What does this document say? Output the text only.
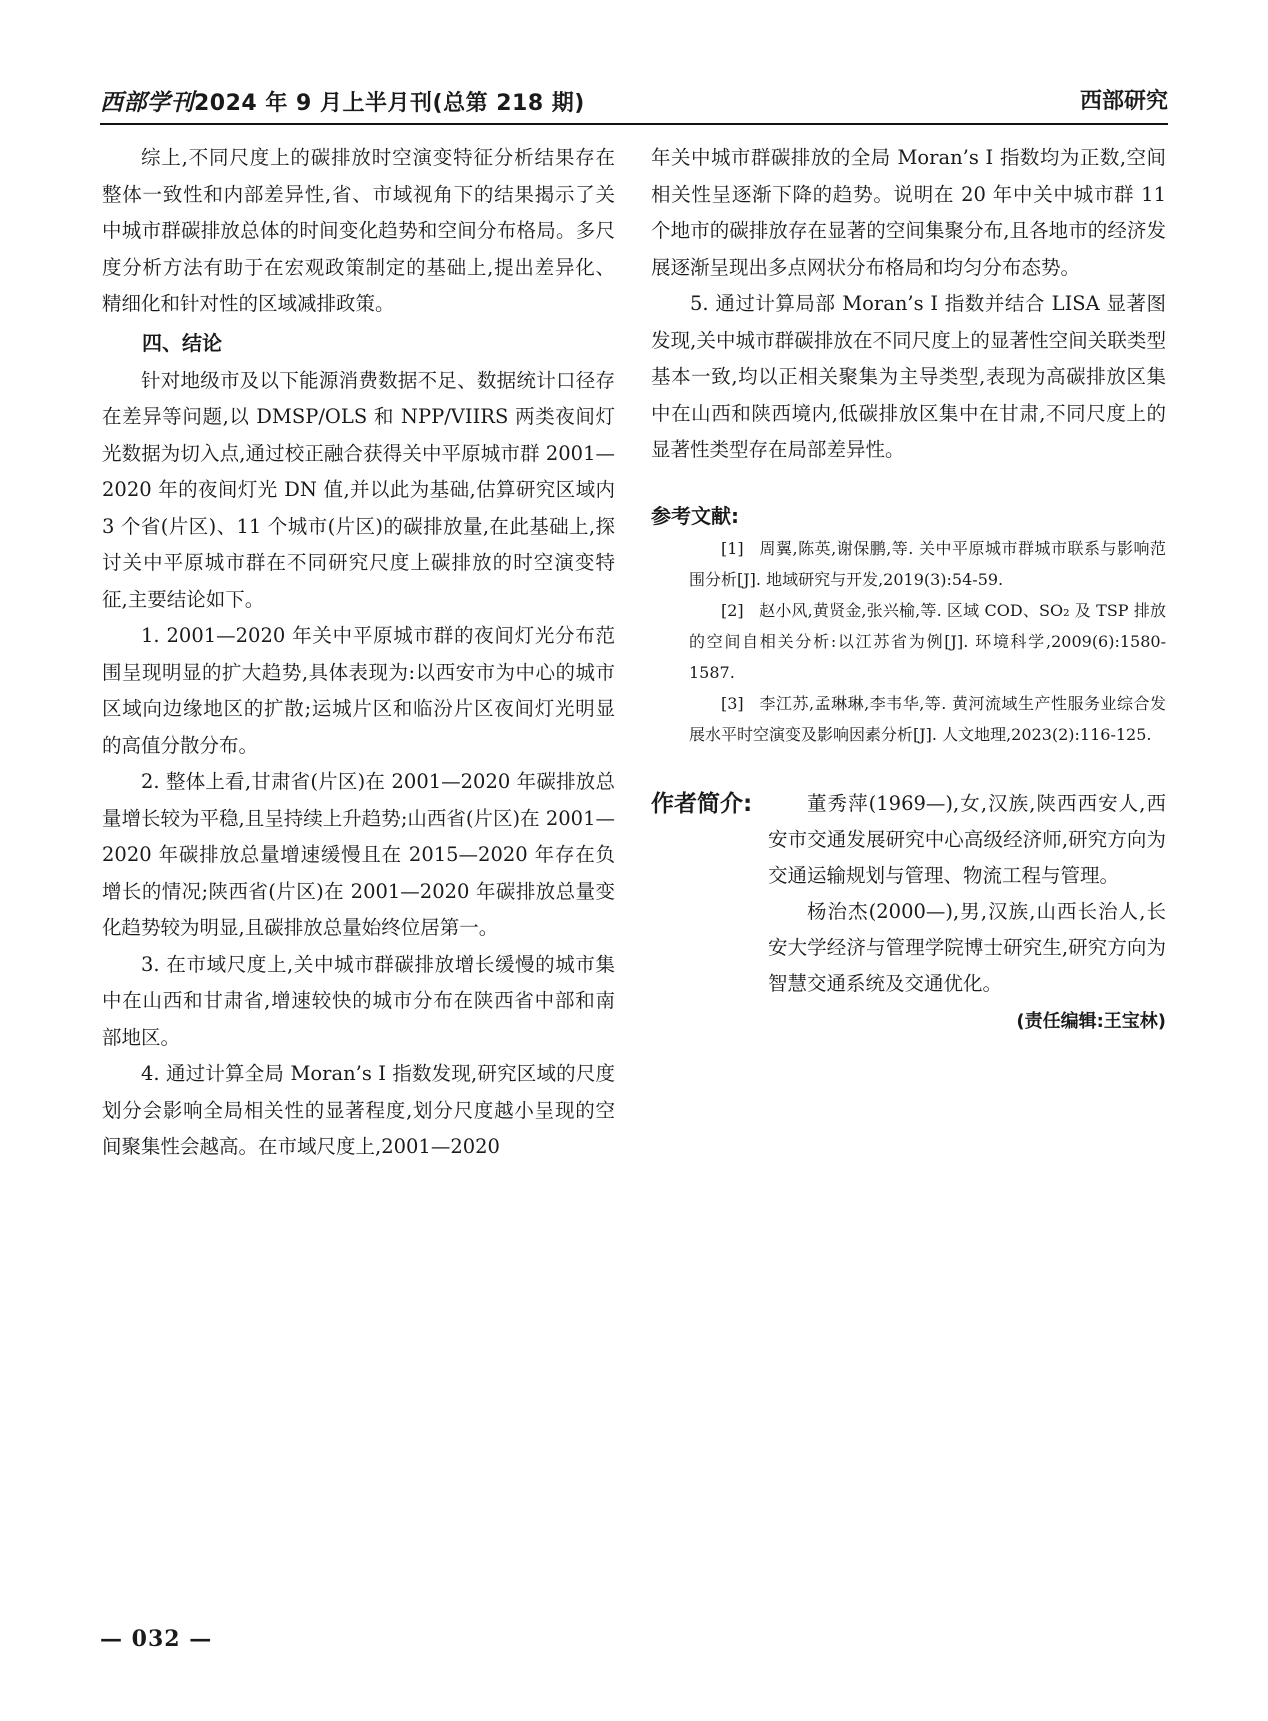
西部学刊2024 年 9 月上半月刊(总第 218 期)	西部研究

综上,不同尺度上的碳排放时空演变特征分析结果存在整体一致性和内部差异性,省、市域视角下的结果揭示了关中城市群碳排放总体的时间变化趋势和空间分布格局。多尺度分析方法有助于在宏观政策制定的基础上,提出差异化、精细化和针对性的区域减排政策。

四、结论

针对地级市及以下能源消费数据不足、数据统计口径存在差异等问题,以 DMSP/OLS 和 NPP/VIIRS 两类夜间灯光数据为切入点,通过校正融合获得关中平原城市群 2001—2020 年的夜间灯光 DN 值,并以此为基础,估算研究区域内 3 个省(片区)、11 个城市(片区)的碳排放量,在此基础上,探讨关中平原城市群在不同研究尺度上碳排放的时空演变特征,主要结论如下。

1. 2001—2020 年关中平原城市群的夜间灯光分布范围呈现明显的扩大趋势,具体表现为:以西安市为中心的城市区域向边缘地区的扩散;运城片区和临汾片区夜间灯光明显的高值分散分布。

2. 整体上看,甘肃省(片区)在 2001—2020 年碳排放总量增长较为平稳,且呈持续上升趋势;山西省(片区)在 2001—2020 年碳排放总量增速缓慢且在 2015—2020 年存在负增长的情况;陕西省(片区)在 2001—2020 年碳排放总量变化趋势较为明显,且碳排放总量始终位居第一。

3. 在市域尺度上,关中城市群碳排放增长缓慢的城市集中在山西和甘肃省,增速较快的城市分布在陕西省中部和南部地区。

4. 通过计算全局 Moran’s I 指数发现,研究区域的尺度划分会影响全局相关性的显著程度,划分尺度越小呈现的空间聚集性会越高。在市域尺度上,2001—2020

年关中城市群碳排放的全局 Moran’s I 指数均为正数,空间相关性呈逐渐下降的趋势。说明在 20 年中关中城市群 11 个地市的碳排放存在显著的空间集聚分布,且各地市的经济发展逐渐呈现出多点网状分布格局和均匀分布态势。

5. 通过计算局部 Moran’s I 指数并结合 LISA 显著图发现,关中城市群碳排放在不同尺度上的显著性空间关联类型基本一致,均以正相关聚集为主导类型,表现为高碳排放区集中在山西和陕西境内,低碳排放区集中在甘肃,不同尺度上的显著性类型存在局部差异性。

参考文献:

[1] 周翼,陈英,谢保鹏,等. 关中平原城市群城市联系与影响范围分析[J]. 地域研究与开发,2019(3):54-59.

[2] 赵小风,黄贤金,张兴榆,等. 区域 COD、SO₂ 及 TSP 排放的空间自相关分析:以江苏省为例[J]. 环境科学,2009(6):1580-1587.

[3] 李江苏,孟琳琳,李韦华,等. 黄河流域生产性服务业综合发展水平时空演变及影响因素分析[J]. 人文地理,2023(2):116-125.

作者简介:	董秀萍(1969—),女,汉族,陕西西安人,西安市交通发展研究中心高级经济师,研究方向为交通运输规划与管理、物流工程与管理。

杨治杰(2000—),男,汉族,山西长治人,长安大学经济与管理学院博士研究生,研究方向为智慧交通系统及交通优化。

(责任编辑:王宝林)
— 032 —
